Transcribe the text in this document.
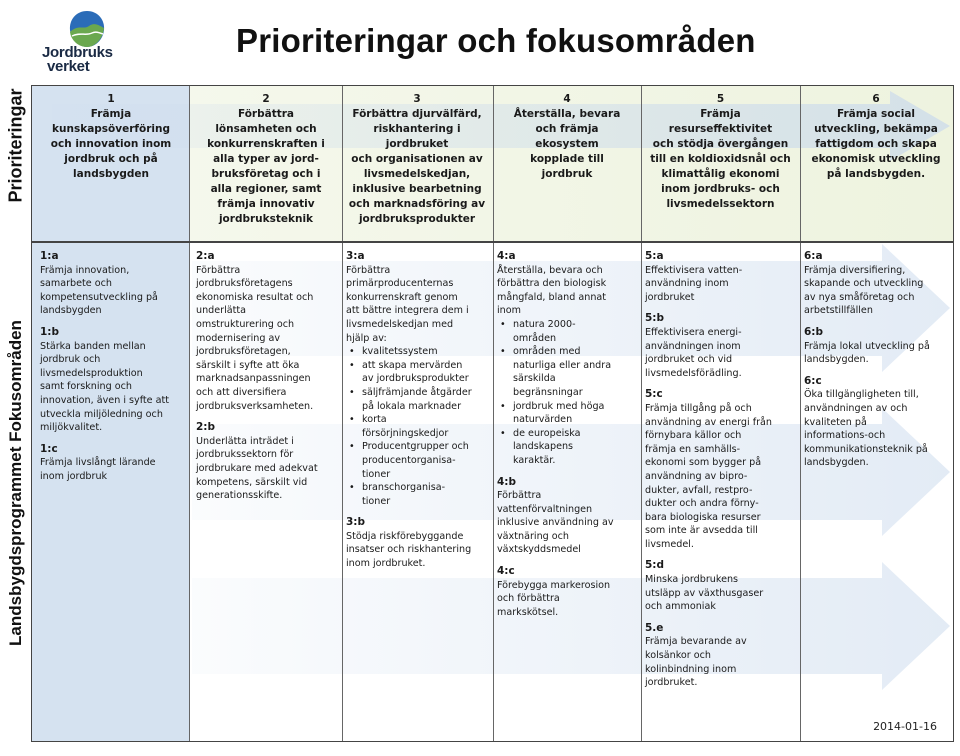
Jordbruks
verket
Prioriteringar och fokusområden
Prioriteringar
Landsbygdsprogrammet Fokusområden
1
Främja
kunskapsöverföring
och innovation inom
jordbruk och på
landsbygden
2
Förbättra
lönsamheten och
konkurrenskraften i
alla typer av jord-
bruksföretag och i
alla regioner, samt
främja innovativ
jordbruksteknik
3
Förbättra djurvälfärd,
riskhantering i jordbruket
och organisationen av
livsmedelskedjan,
inklusive bearbetning
och marknadsföring av
jordbruksprodukter
4
Återställa, bevara
och främja
ekosystem
kopplade till
jordbruk
5
Främja
resurseffektivitet
och stödja övergången
till en koldioxidsnål och
klimattålig ekonomi
inom jordbruks- och
livsmedelssektorn
6
Främja social
utveckling, bekämpa
fattigdom och skapa
ekonomisk utveckling
på landsbygden.
1:a
Främja innovation,
samarbete och
kompetensutveckling på
landsbygden
1:b
Stärka banden mellan
jordbruk och
livsmedelsproduktion
samt forskning och
innovation, även i syfte att
utveckla miljöledning och
miljökvalitet.
1:c
Främja livslångt lärande
inom jordbruk
2:a
Förbättra
jordbruksföretagens
ekonomiska resultat och
underlätta
omstrukturering och
modernisering av
jordbruksföretagen,
särskilt i syfte att öka
marknadsanpassningen
och att diversifiera
jordbruksverksamheten.
2:b
Underlätta inträdet i
jordbrukssektorn för
jordbrukare med adekvat
kompetens, särskilt vid
generationsskifte.
3:a
Förbättra
primärproducenternas
konkurrenskraft genom
att bättre integrera dem i
livsmedelskedjan med
hjälp av:
• kvalitetssystem
• att skapa mervärden
av jordbruksprodukter
• säljfrämjande åtgärder
på lokala marknader
• korta
försörjningskedjor
• Producentgrupper och
producentorganisa-
tioner
• branschorganisa-
tioner
3:b
Stödja riskförebyggande
insatser och riskhantering
inom jordbruket.
4:a
Återställa, bevara och
förbättra den biologisk
mångfald, bland annat
inom
• natura 2000-
områden
• områden med
naturliga eller andra
särskilda
begränsningar
• jordbruk med höga
naturvärden
• de europeiska
landskapens
karaktär.
4:b
Förbättra
vattenförvaltningen
inklusive användning av
växtnäring och
växtskyddsmedel
4:c
Förebygga markerosion
och förbättra
markskötsel.
5:a
Effektivisera vatten-
användning inom
jordbruket
5:b
Effektivisera energi-
användningen inom
jordbruket och vid
livsmedelsförädling.
5:c
Främja tillgång på och
användning av energi från
förnybara källor och
främja en samhälls-
ekonomi som bygger på
användning av bipro-
dukter, avfall, restpro-
dukter och andra förny-
bara biologiska resurser
som inte är avsedda till
livsmedel.
5:d
Minska jordbrukens
utsläpp av växthusgaser
och ammoniak
5.e
Främja bevarande av
kolsänkor och
kolinbindning inom
jordbruket.
6:a
Främja diversifiering,
skapande och utveckling
av nya småföretag och
arbetstillfällen
6:b
Främja lokal utveckling på
landsbygden.
6:c
Öka tillgängligheten till,
användningen av och
kvaliteten på
informations-och
kommunikationsteknik på
landsbygden.
2014-01-16
